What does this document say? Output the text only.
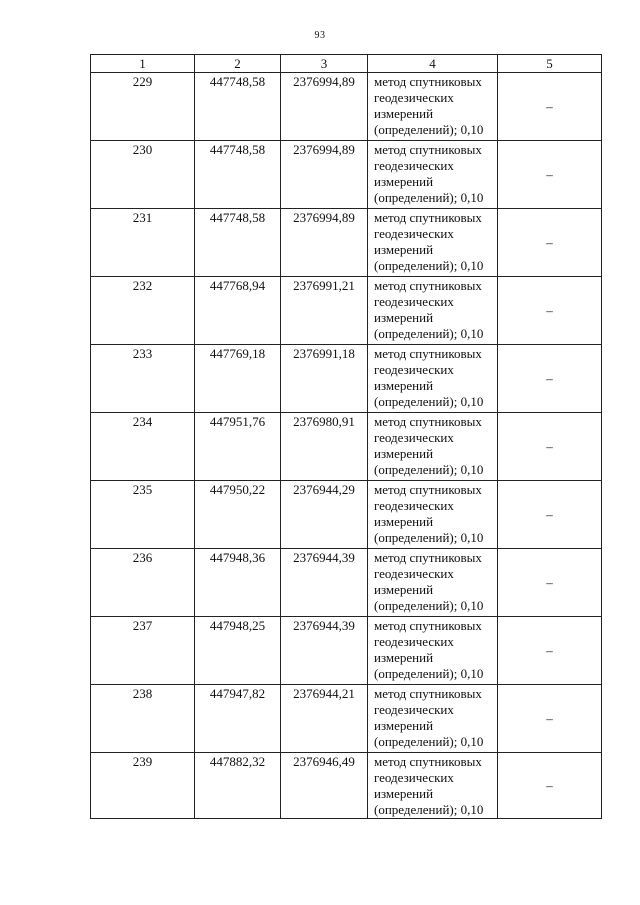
93
1	2	3	4	5
229	447748,58	2376994,89	метод спутниковых
геодезических
измерений
(определений); 0,10	–
230	447748,58	2376994,89	метод спутниковых
геодезических
измерений
(определений); 0,10	–
231	447748,58	2376994,89	метод спутниковых
геодезических
измерений
(определений); 0,10	–
232	447768,94	2376991,21	метод спутниковых
геодезических
измерений
(определений); 0,10	–
233	447769,18	2376991,18	метод спутниковых
геодезических
измерений
(определений); 0,10	–
234	447951,76	2376980,91	метод спутниковых
геодезических
измерений
(определений); 0,10	–
235	447950,22	2376944,29	метод спутниковых
геодезических
измерений
(определений); 0,10	–
236	447948,36	2376944,39	метод спутниковых
геодезических
измерений
(определений); 0,10	–
237	447948,25	2376944,39	метод спутниковых
геодезических
измерений
(определений); 0,10	–
238	447947,82	2376944,21	метод спутниковых
геодезических
измерений
(определений); 0,10	–
239	447882,32	2376946,49	метод спутниковых
геодезических
измерений
(определений); 0,10	–
